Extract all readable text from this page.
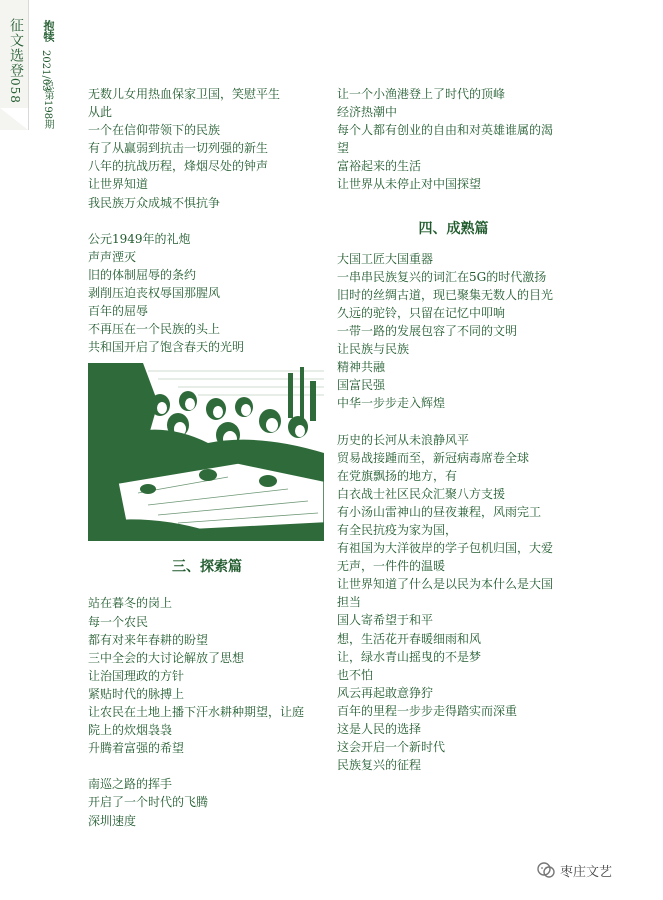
征文选登
058
抱犊
2021/03
总第198期	无数儿女用热血保家卫国，笑慰平生
从此
一个在信仰带领下的民族
有了从赢弱到抗击一切列强的新生
八年的抗战历程，烽烟尽处的钟声
让世界知道
我民族万众成城不惧抗争
公元1949年的礼炮
声声湮灭
旧的体制屈辱的条约
剥削压迫丧权辱国那腥风
百年的屈辱
不再压在一个民族的头上
共和国开启了饱含春天的光明
三、探索篇
站在暮冬的岗上
每一个农民
都有对来年春耕的盼望
三中全会的大讨论解放了思想
让治国理政的方针
紧贴时代的脉搏上
让农民在土地上播下汗水耕种期望，让庭
院上的炊烟袅袅
升腾着富强的希望
南巡之路的挥手
开启了一个时代的飞腾
深圳速度
让一个小渔港登上了时代的顶峰
经济热潮中
每个人都有创业的自由和对英雄谁属的渴
望
富裕起来的生活
让世界从未停止对中国探望
四、成熟篇
大国工匠大国重器
一串串民族复兴的词汇在5G的时代激扬
旧时的丝绸古道，现已聚集无数人的目光
久远的驼铃，只留在记忆中叩响
一带一路的发展包容了不同的文明
让民族与民族
精神共融
国富民强
中华一步步走入辉煌
历史的长河从未浪静风平
贸易战接踵而至，新冠病毒席卷全球
在党旗飘扬的地方，有
白衣战士社区民众汇聚八方支援
有小汤山雷神山的昼夜兼程，风雨完工
有全民抗疫为家为国，
有祖国为大洋彼岸的学子包机归国，大爱
无声，一件件的温暖
让世界知道了什么是以民为本什么是大国
担当
国人寄希望于和平
想，生活花开春暖细雨和风
让，绿水青山摇曳的不是梦
也不怕
风云再起敢意狰狞
百年的里程一步步走得踏实而深重
这是人民的选择
这会开启一个新时代
民族复兴的征程
枣庄文艺
